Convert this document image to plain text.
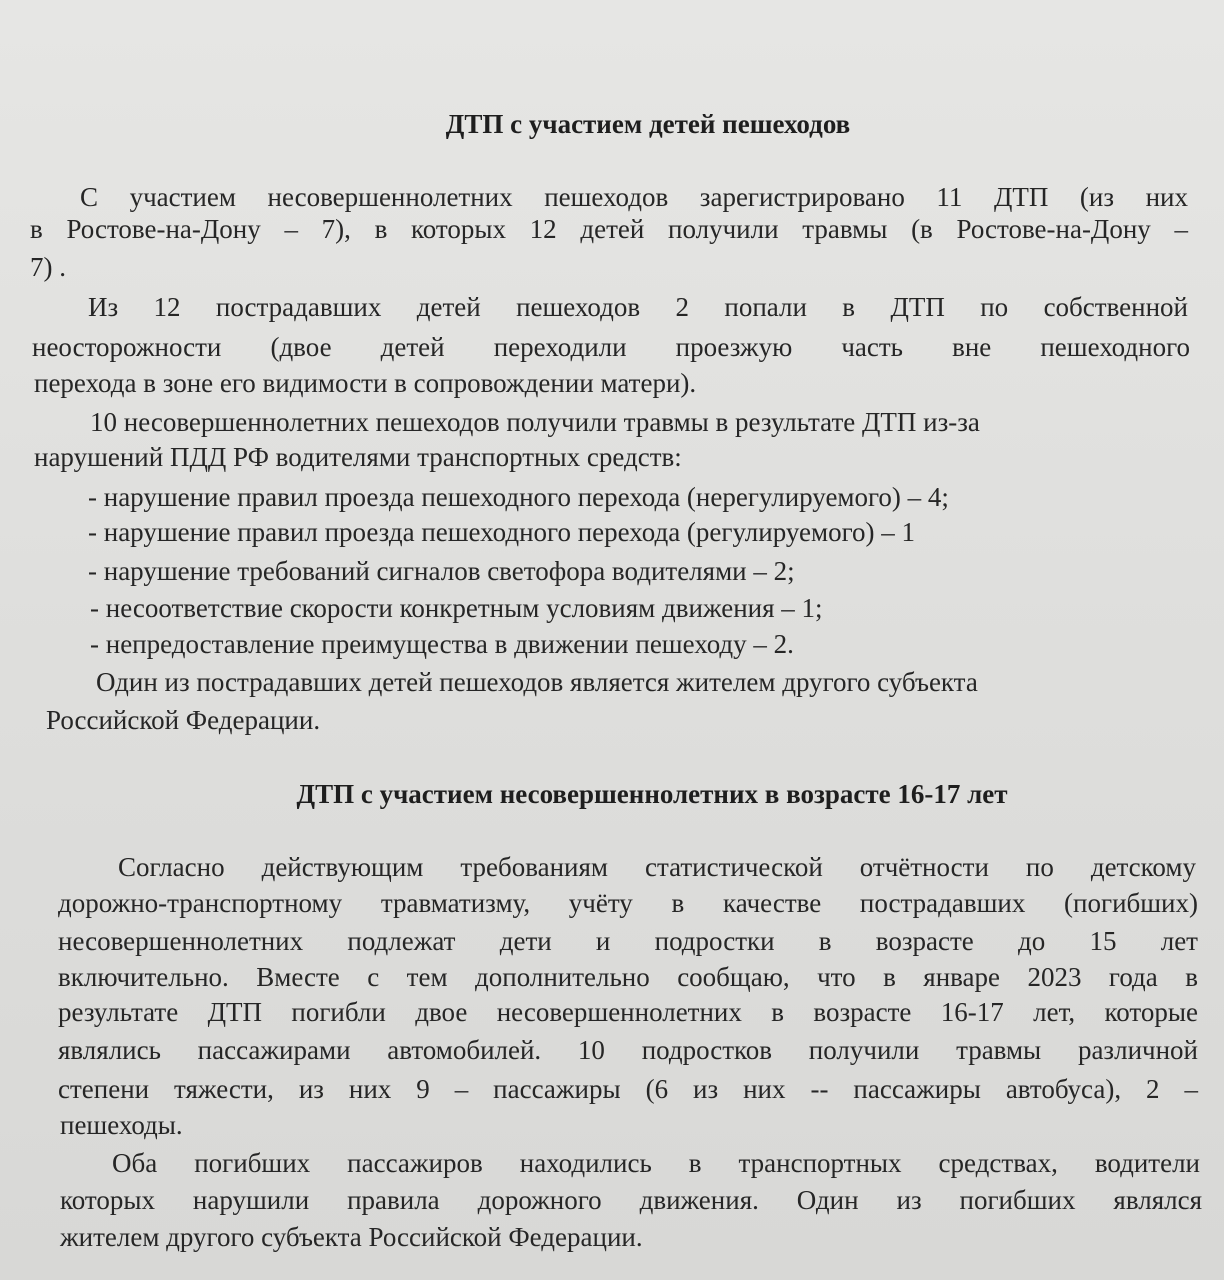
ДТП с участием детей пешеходов
С участием несовершеннолетних пешеходов зарегистрировано 11 ДТП (из них
в Ростове-на-Дону – 7), в которых 12 детей получили травмы (в Ростове-на-Дону –
7) .
Из 12 пострадавших детей пешеходов 2 попали в ДТП по собственной
неосторожности (двое детей переходили проезжую часть вне пешеходного
перехода в зоне его видимости в сопровождении матери).
10 несовершеннолетних пешеходов получили травмы в результате ДТП из-за
нарушений ПДД РФ водителями транспортных средств:
- нарушение правил проезда пешеходного перехода (нерегулируемого) – 4;
- нарушение правил проезда пешеходного перехода (регулируемого) – 1
- нарушение требований сигналов светофора водителями – 2;
- несоответствие скорости конкретным условиям движения – 1;
- непредоставление преимущества в движении пешеходу – 2.
Один из пострадавших детей пешеходов является жителем другого субъекта
Российской Федерации.
ДТП с участием несовершеннолетних в возрасте 16-17 лет
Согласно действующим требованиям статистической отчётности по детскому
дорожно-транспортному травматизму, учёту в качестве пострадавших (погибших)
несовершеннолетних подлежат дети и подростки в возрасте до 15 лет
включительно. Вместе с тем дополнительно сообщаю, что в январе 2023 года в
результате ДТП погибли двое несовершеннолетних в возрасте 16-17 лет, которые
являлись пассажирами автомобилей. 10 подростков получили травмы различной
степени тяжести, из них 9 – пассажиры (6 из них -- пассажиры автобуса), 2 –
пешеходы.
Оба погибших пассажиров находились в транспортных средствах, водители
которых нарушили правила дорожного движения. Один из погибших являлся
жителем другого субъекта Российской Федерации.
